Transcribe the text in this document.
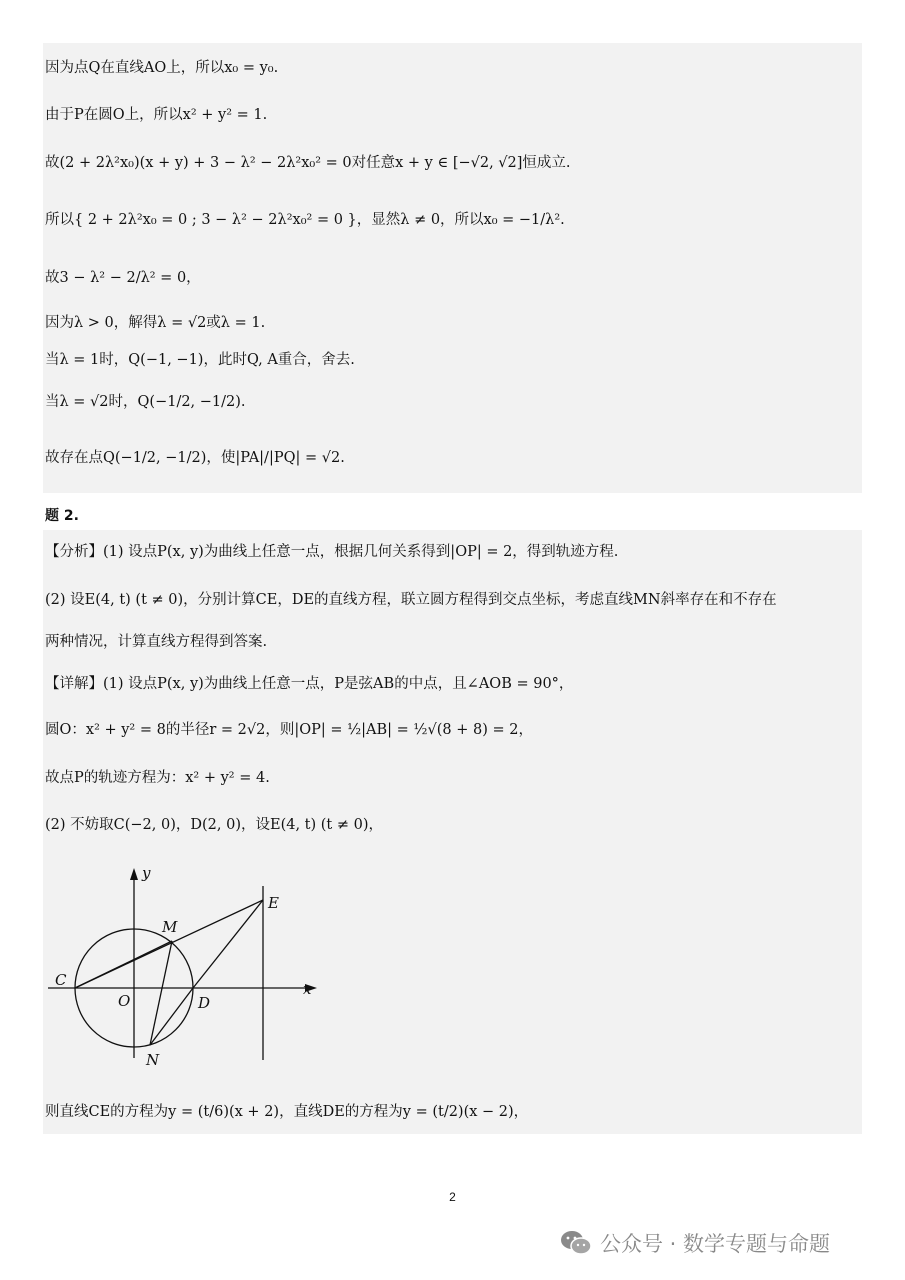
因为点Q在直线AO上，所以x₀ = y₀.
由于P在圆O上，所以x² + y² = 1.
故(2 + 2λ²x₀)(x + y) + 3 − λ² − 2λ²x₀² = 0对任意x + y ∈ [−√2, √2]恒成立.
所以{ 2 + 2λ²x₀ = 0 ; 3 − λ² − 2λ²x₀² = 0 }，显然λ ≠ 0，所以x₀ = −1/λ².
故3 − λ² − 2/λ² = 0，
因为λ > 0，解得λ = √2或λ = 1.
当λ = 1时，Q(−1, −1)，此时Q, A重合，舍去.
当λ = √2时，Q(−1/2, −1/2).
故存在点Q(−1/2, −1/2)，使|PA|/|PQ| = √2.
题 2.
【分析】(1) 设点P(x, y)为曲线上任意一点，根据几何关系得到|OP| = 2，得到轨迹方程.
(2) 设E(4, t) (t ≠ 0)，分别计算CE，DE的直线方程，联立圆方程得到交点坐标，考虑直线MN斜率存在和不存在
两种情况，计算直线方程得到答案.
【详解】(1) 设点P(x, y)为曲线上任意一点，P是弦AB的中点，且∠AOB = 90°，
圆O：x² + y² = 8的半径r = 2√2，则|OP| = ½|AB| = ½√(8 + 8) = 2，
故点P的轨迹方程为：x² + y² = 4.
(2) 不妨取C(−2, 0)，D(2, 0)，设E(4, t) (t ≠ 0)，
y
x
E
M
C
O	D
N
则直线CE的方程为y = (t/6)(x + 2)，直线DE的方程为y = (t/2)(x − 2)，
2
公众号 · 数学专题与命题
